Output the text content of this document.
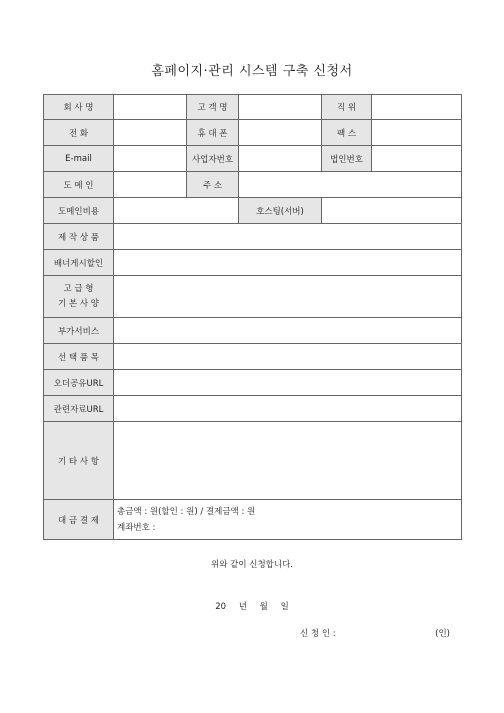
홈페이지·관리 시스템 구축 신청서
회 사 명		고 객 명		직 위	
전 화		휴 대 폰		팩 스	
E-mail		사업자번호		법인번호	
도 메 인		주 소			
도메인비용			호스팅(서버)		
제 작 상 품					
배너게시할인					

고 급 형
기 본 사 양					

부가서비스					
선 택 품 목					
오더공유URL					
관련자료URL					
기 타 사 항					
대 금 결 제	총금액 : 원(할인 : 원) / 결제금액 : 원
계좌번호 :				
위와 같이 신청합니다.
20 년 월 일
신 청 인 :	(인)
